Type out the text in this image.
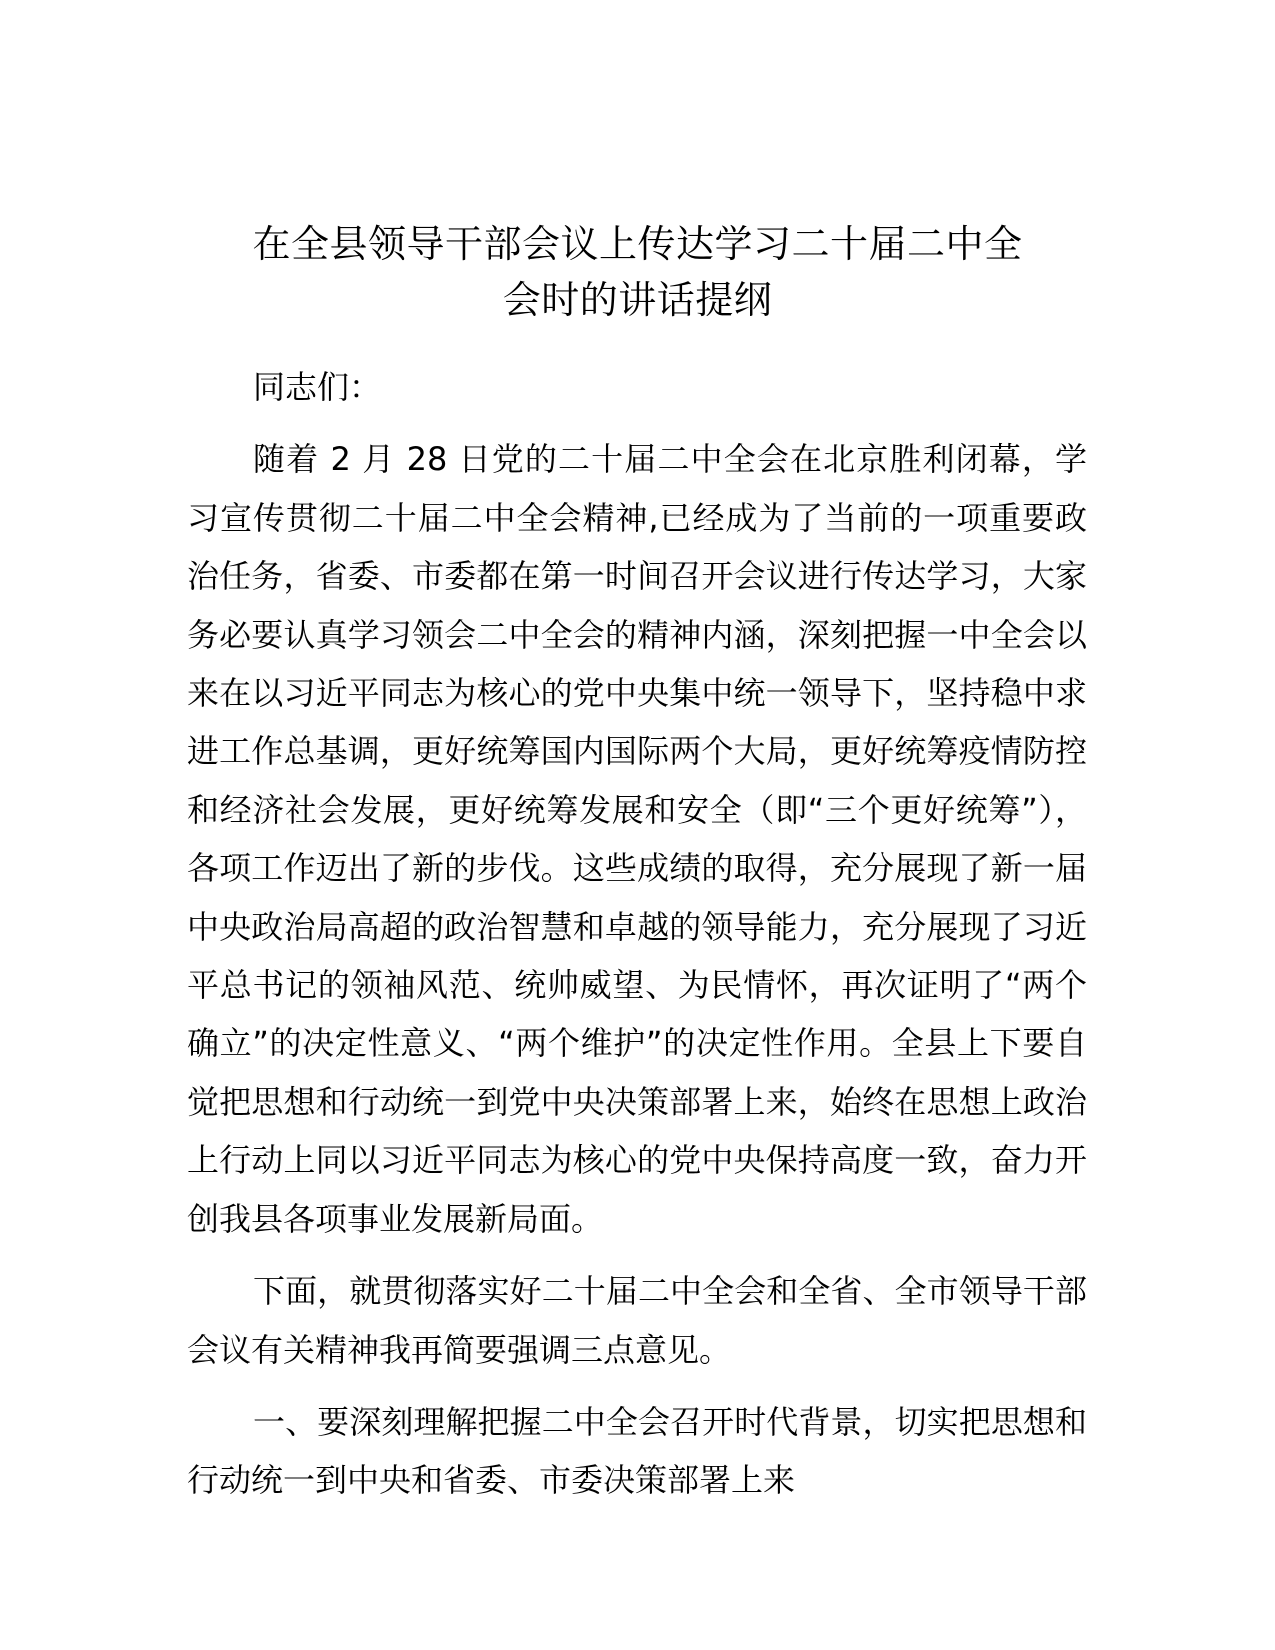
在全县领导干部会议上传达学习二十届二中全
会时的讲话提纲

同志们：

随着 2 月 28 日党的二十届二中全会在北京胜利闭幕，学习宣传贯彻二十届二中全会精神,已经成为了当前的一项重要政治任务，省委、市委都在第一时间召开会议进行传达学习，大家务必要认真学习领会二中全会的精神内涵，深刻把握一中全会以来在以习近平同志为核心的党中央集中统一领导下，坚持稳中求进工作总基调，更好统筹国内国际两个大局，更好统筹疫情防控和经济社会发展，更好统筹发展和安全（即“三个更好统筹”），各项工作迈出了新的步伐。这些成绩的取得，充分展现了新一届中央政治局高超的政治智慧和卓越的领导能力，充分展现了习近平总书记的领袖风范、统帅威望、为民情怀，再次证明了“两个确立”的决定性意义、“两个维护”的决定性作用。全县上下要自觉把思想和行动统一到党中央决策部署上来，始终在思想上政治上行动上同以习近平同志为核心的党中央保持高度一致，奋力开创我县各项事业发展新局面。

下面，就贯彻落实好二十届二中全会和全省、全市领导干部会议有关精神我再简要强调三点意见。

一、要深刻理解把握二中全会召开时代背景，切实把思想和行动统一到中央和省委、市委决策部署上来
